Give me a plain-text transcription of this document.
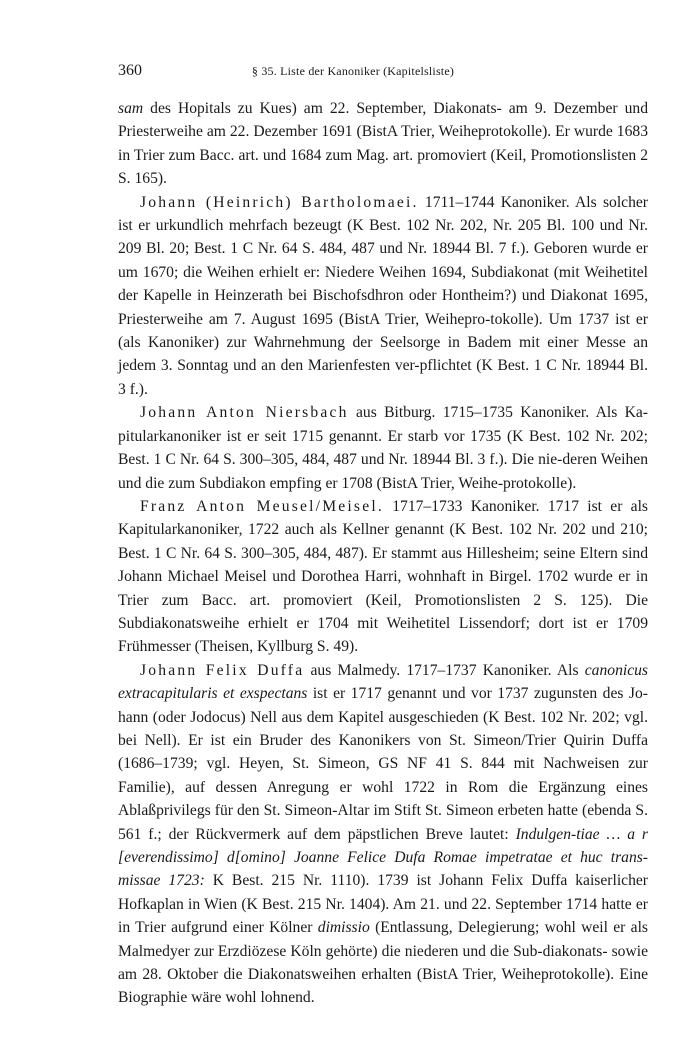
360	§ 35. Liste der Kanoniker (Kapitelsliste)

sam des Hopitals zu Kues) am 22. September, Diakonats- am 9. Dezember und Priesterweihe am 22. Dezember 1691 (BistA Trier, Weiheprotokolle). Er wurde 1683 in Trier zum Bacc. art. und 1684 zum Mag. art. promoviert (Keil, Promotionslisten 2 S. 165).

Johann (Heinrich) Bartholomaei. 1711–1744 Kanoniker. Als solcher ist er urkundlich mehrfach bezeugt (K Best. 102 Nr. 202, Nr. 205 Bl. 100 und Nr. 209 Bl. 20; Best. 1 C Nr. 64 S. 484, 487 und Nr. 18944 Bl. 7 f.). Geboren wurde er um 1670; die Weihen erhielt er: Niedere Weihen 1694, Subdiakonat (mit Weihetitel der Kapelle in Heinzerath bei Bischofsdhron oder Hontheim?) und Diakonat 1695, Priesterweihe am 7. August 1695 (BistA Trier, Weihepro-tokolle). Um 1737 ist er (als Kanoniker) zur Wahrnehmung der Seelsorge in Badem mit einer Messe an jedem 3. Sonntag und an den Marienfesten ver-pflichtet (K Best. 1 C Nr. 18944 Bl. 3 f.).

Johann Anton Niersbach aus Bitburg. 1715–1735 Kanoniker. Als Ka-pitularkanoniker ist er seit 1715 genannt. Er starb vor 1735 (K Best. 102 Nr. 202; Best. 1 C Nr. 64 S. 300–305, 484, 487 und Nr. 18944 Bl. 3 f.). Die nie-deren Weihen und die zum Subdiakon empfing er 1708 (BistA Trier, Weihe-protokolle).

Franz Anton Meusel/Meisel. 1717–1733 Kanoniker. 1717 ist er als Kapitularkanoniker, 1722 auch als Kellner genannt (K Best. 102 Nr. 202 und 210; Best. 1 C Nr. 64 S. 300–305, 484, 487). Er stammt aus Hillesheim; seine Eltern sind Johann Michael Meisel und Dorothea Harri, wohnhaft in Birgel. 1702 wurde er in Trier zum Bacc. art. promoviert (Keil, Promotionslisten 2 S. 125). Die Subdiakonatsweihe erhielt er 1704 mit Weihetitel Lissendorf; dort ist er 1709 Frühmesser (Theisen, Kyllburg S. 49).

Johann Felix Duffa aus Malmedy. 1717–1737 Kanoniker. Als canonicus extracapitularis et exspectans ist er 1717 genannt und vor 1737 zugunsten des Jo-hann (oder Jodocus) Nell aus dem Kapitel ausgeschieden (K Best. 102 Nr. 202; vgl. bei Nell). Er ist ein Bruder des Kanonikers von St. Simeon/Trier Quirin Duffa (1686–1739; vgl. Heyen, St. Simeon, GS NF 41 S. 844 mit Nachweisen zur Familie), auf dessen Anregung er wohl 1722 in Rom die Ergänzung eines Ablaßprivilegs für den St. Simeon-Altar im Stift St. Simeon erbeten hatte (ebenda S. 561 f.; der Rückvermerk auf dem päpstlichen Breve lautet: Indulgen-tiae … a r [everendissimo] d[omino] Joanne Felice Dufa Romae impetratae et huc trans-missae 1723: K Best. 215 Nr. 1110). 1739 ist Johann Felix Duffa kaiserlicher Hofkaplan in Wien (K Best. 215 Nr. 1404). Am 21. und 22. September 1714 hatte er in Trier aufgrund einer Kölner dimissio (Entlassung, Delegierung; wohl weil er als Malmedyer zur Erzdiözese Köln gehörte) die niederen und die Sub-diakonats- sowie am 28. Oktober die Diakonatsweihen erhalten (BistA Trier, Weiheprotokolle). Eine Biographie wäre wohl lohnend.
